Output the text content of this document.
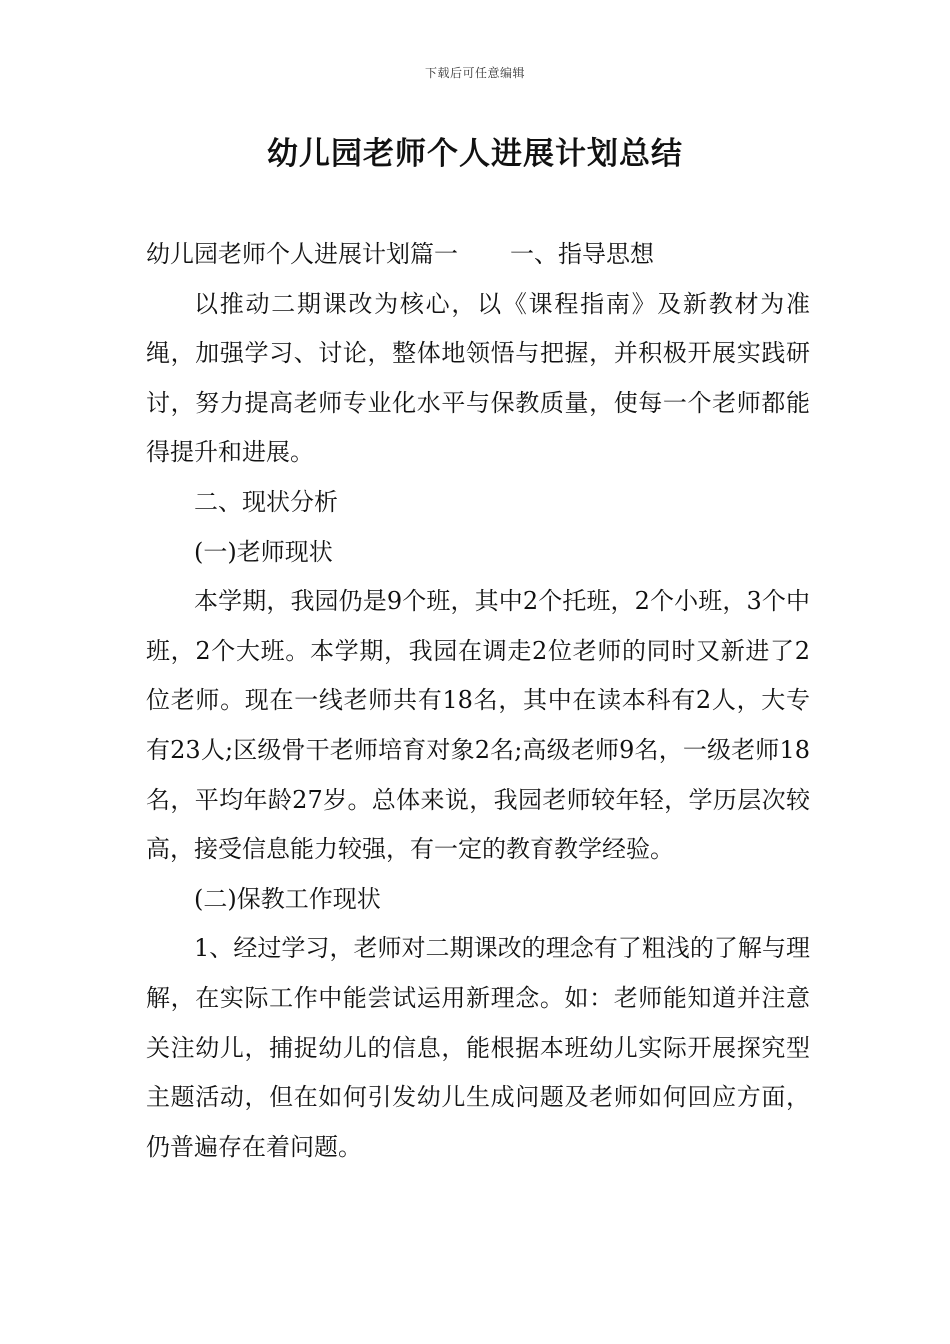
下载后可任意编辑
幼儿园老师个人进展计划总结

幼儿园老师个人进展计划篇一 一、指导思想

以推动二期课改为核心，以《课程指南》及新教材为准绳，加强学习、讨论，整体地领悟与把握，并积极开展实践研讨，努力提高老师专业化水平与保教质量，使每一个老师都能得提升和进展。

二、现状分析

(一)老师现状

本学期，我园仍是9个班，其中2个托班，2个小班，3个中班，2个大班。本学期，我园在调走2位老师的同时又新进了2位老师。现在一线老师共有18名，其中在读本科有2人，大专有23人;区级骨干老师培育对象2名;高级老师9名，一级老师18名，平均年龄27岁。总体来说，我园老师较年轻，学历层次较高，接受信息能力较强，有一定的教育教学经验。

(二)保教工作现状

1、经过学习，老师对二期课改的理念有了粗浅的了解与理解，在实际工作中能尝试运用新理念。如：老师能知道并注意关注幼儿，捕捉幼儿的信息，能根据本班幼儿实际开展探究型主题活动，但在如何引发幼儿生成问题及老师如何回应方面，仍普遍存在着问题。
